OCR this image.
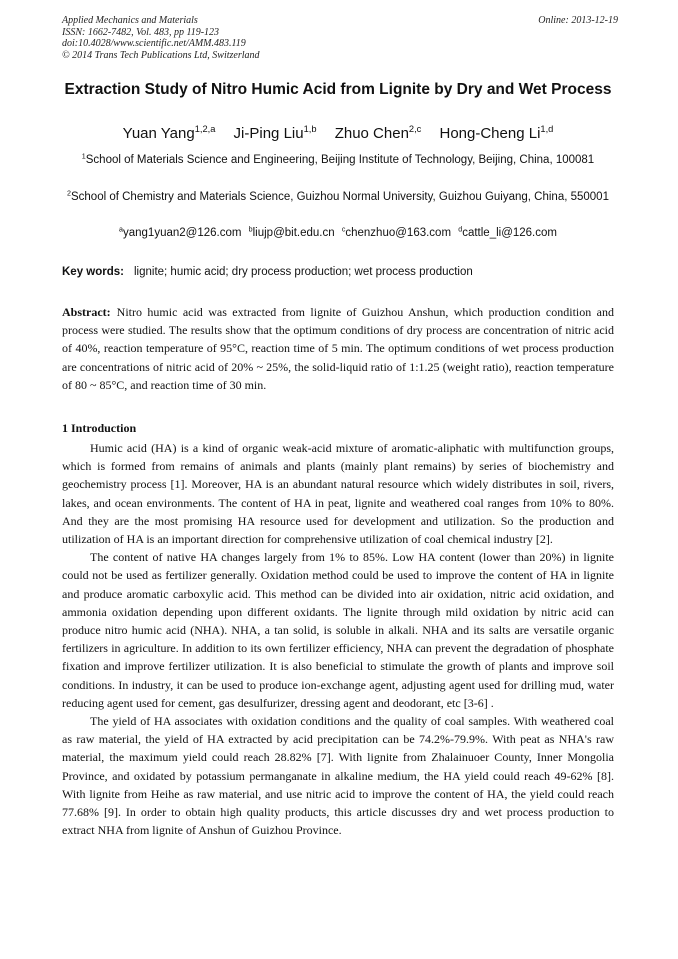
Applied Mechanics and Materials
ISSN: 1662-7482, Vol. 483, pp 119-123
doi:10.4028/www.scientific.net/AMM.483.119
© 2014 Trans Tech Publications Ltd, Switzerland
Online: 2013-12-19
Extraction Study of Nitro Humic Acid from Lignite by Dry and Wet Process
Yuan Yang$^{1,2,a}$ Ji-Ping Liu$^{1,b}$ Zhuo Chen$^{2,c}$ Hong-Cheng Li$^{1,d}$
$^1$School of Materials Science and Engineering, Beijing Institute of Technology, Beijing, China, 100081
$^2$School of Chemistry and Materials Science, Guizhou Normal University, Guizhou Guiyang, China, 550001
$^a$yang1yuan2@126.com $^b$liujp@bit.edu.cn $^c$chenzhuo@163.com $^d$cattle_li@126.com
Key words: lignite; humic acid; dry process production; wet process production
Abstract: Nitro humic acid was extracted from lignite of Guizhou Anshun, which production condition and process were studied. The results show that the optimum conditions of dry process are concentration of nitric acid of 40%, reaction temperature of 95°C, reaction time of 5 min. The optimum conditions of wet process production are concentrations of nitric acid of 20% ~ 25%, the solid-liquid ratio of 1:1.25 (weight ratio), reaction temperature of 80 ~ 85°C, and reaction time of 30 min.
1 Introduction

Humic acid (HA) is a kind of organic weak-acid mixture of aromatic-aliphatic with multifunction groups, which is formed from remains of animals and plants (mainly plant remains) by series of biochemistry and geochemistry process [1]. Moreover, HA is an abundant natural resource which widely distributes in soil, rivers, lakes, and ocean environments. The content of HA in peat, lignite and weathered coal ranges from 10% to 80%. And they are the most promising HA resource used for development and utilization. So the production and utilization of HA is an important direction for comprehensive utilization of coal chemical industry [2].

The content of native HA changes largely from 1% to 85%. Low HA content (lower than 20%) in lignite could not be used as fertilizer generally. Oxidation method could be used to improve the content of HA in lignite and produce aromatic carboxylic acid. This method can be divided into air oxidation, nitric acid oxidation, and ammonia oxidation depending upon different oxidants. The lignite through mild oxidation by nitric acid can produce nitro humic acid (NHA). NHA, a tan solid, is soluble in alkali. NHA and its salts are versatile organic fertilizers in agriculture. In addition to its own fertilizer efficiency, NHA can prevent the degradation of phosphate fixation and improve fertilizer utilization. It is also beneficial to stimulate the growth of plants and improve soil conditions. In industry, it can be used to produce ion-exchange agent, adjusting agent used for drilling mud, water reducing agent used for cement, gas desulfurizer, dressing agent and deodorant, etc [3-6] .

The yield of HA associates with oxidation conditions and the quality of coal samples. With weathered coal as raw material, the yield of HA extracted by acid precipitation can be 74.2%-79.9%. With peat as NHA's raw material, the maximum yield could reach 28.82% [7]. With lignite from Zhalainuoer County, Inner Mongolia Province, and oxidated by potassium permanganate in alkaline medium, the HA yield could reach 49-62% [8]. With lignite from Heihe as raw material, and use nitric acid to improve the content of HA, the yield could reach 77.68% [9]. In order to obtain high quality products, this article discusses dry and wet process production to extract NHA from lignite of Anshun of Guizhou Province.
